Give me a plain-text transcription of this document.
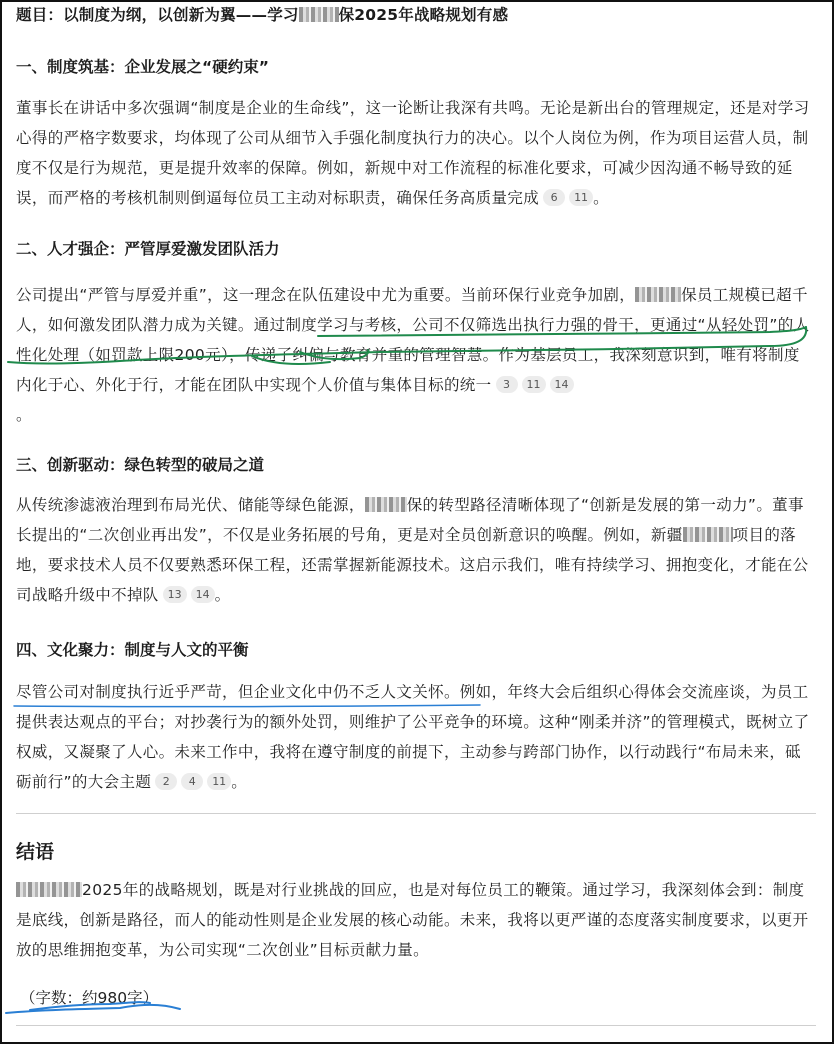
题目：以制度为纲，以创新为翼——学习	保2025年战略规划有感
一、制度筑基：企业发展之“硬约束”
董事长在讲话中多次强调“制度是企业的生命线”，这一论断让我深有共鸣。无论是新出台的管理规定，还是对学习心得的严格字数要求，均体现了公司从细节入手强化制度执行力的决心。以个人岗位为例，作为项目运营人员，制度不仅是行为规范，更是提升效率的保障。例如，新规中对工作流程的标准化要求，可减少因沟通不畅导致的延误，而严格的考核机制则倒逼每位员工主动对标职责，确保任务高质量完成 6 11 。
二、人才强企：严管厚爱激发团队活力
公司提出“严管与厚爱并重”，这一理念在队伍建设中尤为重要。当前环保行业竞争加剧，	保员工规模已超千人，如何激发团队潜力成为关键。通过制度学习与考核，公司不仅筛选出执行力强的骨干，更通过“从轻处罚”的人性化处理（如罚款上限200元），传递了纠偏与教育并重的管理智慧。作为基层员工，我深刻意识到，唯有将制度内化于心、外化于行，才能在团队中实现个人价值与集体目标的统一 3 11 14
。
三、创新驱动：绿色转型的破局之道
从传统渗滤液治理到布局光伏、储能等绿色能源，	保的转型路径清晰体现了“创新是发展的第一动力”。董事长提出的“二次创业再出发”，不仅是业务拓展的号角，更是对全员创新意识的唤醒。例如，新疆	项目的落地，要求技术人员不仅要熟悉环保工程，还需掌握新能源技术。这启示我们，唯有持续学习、拥抱变化，才能在公司战略升级中不掉队 13 14 。
四、文化聚力：制度与人文的平衡
尽管公司对制度执行近乎严苛，但企业文化中仍不乏人文关怀。例如，年终大会后组织心得体会交流座谈，为员工提供表达观点的平台；对抄袭行为的额外处罚，则维护了公平竞争的环境。这种“刚柔并济”的管理模式，既树立了权威，又凝聚了人心。未来工作中，我将在遵守制度的前提下，主动参与跨部门协作，以行动践行“布局未来，砥砺前行”的大会主题 2 4 11 。
结语
2025年的战略规划，既是对行业挑战的回应，也是对每位员工的鞭策。通过学习，我深刻体会到：制度是底线，创新是路径，而人的能动性则是企业发展的核心动能。未来，我将以更严谨的态度落实制度要求，以更开放的思维拥抱变革，为公司实现“二次创业”目标贡献力量。
（字数：约980字）
